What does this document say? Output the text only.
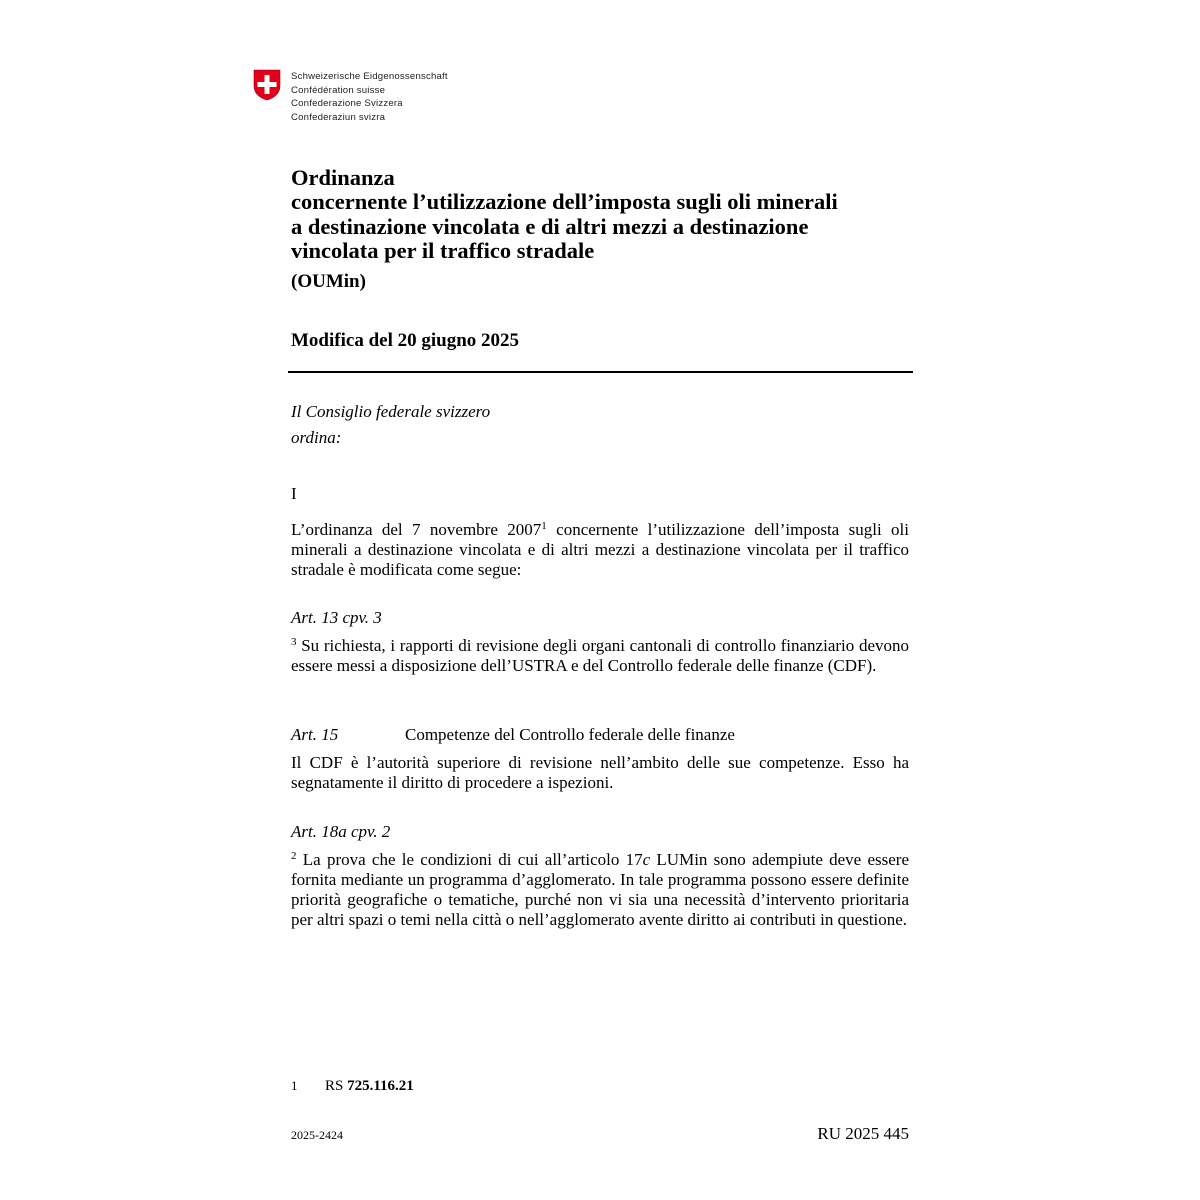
Schweizerische Eidgenossenschaft
Confédération suisse
Confederazione Svizzera
Confederaziun svizra
Ordinanza
concernente l’utilizzazione dell’imposta sugli oli minerali
a destinazione vincolata e di altri mezzi a destinazione
vincolata per il traffico stradale
(OUMin)
Modifica del 20 giugno 2025
Il Consiglio federale svizzero
ordina:
I
L’ordinanza del 7 novembre 2007$^1$ concernente l’utilizzazione dell’imposta sugli oli minerali a destinazione vincolata e di altri mezzi a destinazione vincolata per il traffico stradale è modificata come segue:
Art. 13 cpv. 3
$^3$ Su richiesta, i rapporti di revisione degli organi cantonali di controllo finanziario devono essere messi a disposizione dell’USTRA e del Controllo federale delle finanze (CDF).
Art. 15	Competenze del Controllo federale delle finanze
Il CDF è l’autorità superiore di revisione nell’ambito delle sue competenze. Esso ha segnatamente il diritto di procedere a ispezioni.
Art. 18a cpv. 2
$^2$ La prova che le condizioni di cui all’articolo 17c LUMin sono adempiute deve essere fornita mediante un programma d’agglomerato. In tale programma possono essere definite priorità geografiche o tematiche, purché non vi sia una necessità d’intervento prioritaria per altri spazi o temi nella città o nell’agglomerato avente diritto ai contributi in questione.
1 RS 725.116.21
2025-2424	RU 2025 445
